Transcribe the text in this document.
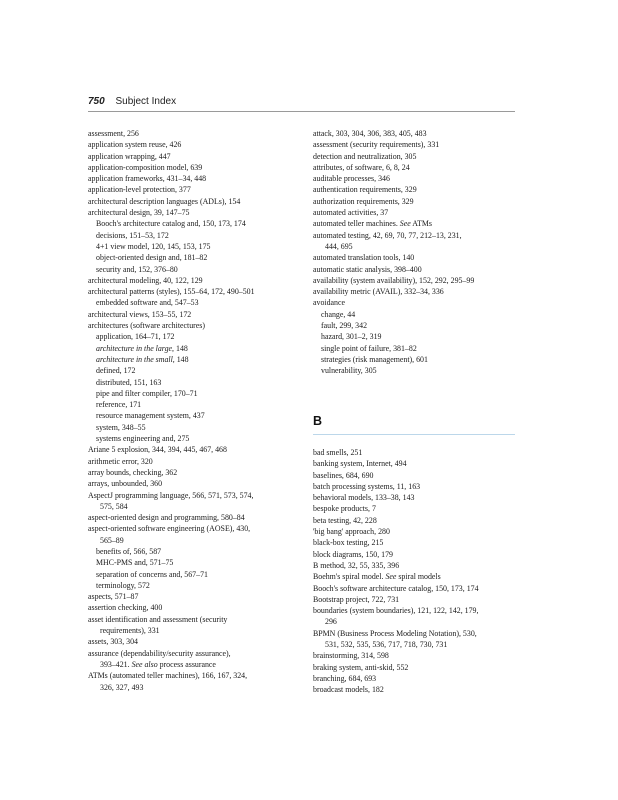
750 Subject Index
assessment, 256
application system reuse, 426
application wrapping, 447
application-composition model, 639
application frameworks, 431–34, 448
application-level protection, 377
architectural description languages (ADLs), 154
architectural design, 39, 147–75
Booch's architecture catalog and, 150, 173, 174
decisions, 151–53, 172
4+1 view model, 120, 145, 153, 175
object-oriented design and, 181–82
security and, 152, 376–80
architectural modeling, 40, 122, 129
architectural patterns (styles), 155–64, 172, 490–501
embedded software and, 547–53
architectural views, 153–55, 172
architectures (software architectures)
application, 164–71, 172
architecture in the large, 148
architecture in the small, 148
defined, 172
distributed, 151, 163
pipe and filter compiler, 170–71
reference, 171
resource management system, 437
system, 348–55
systems engineering and, 275
Ariane 5 explosion, 344, 394, 445, 467, 468
arithmetic error, 320
array bounds, checking, 362
arrays, unbounded, 360
AspectJ programming language, 566, 571, 573, 574,
575, 584
aspect-oriented design and programming, 580–84
aspect-oriented software engineering (AOSE), 430,
565–89
benefits of, 566, 587
MHC-PMS and, 571–75
separation of concerns and, 567–71
terminology, 572
aspects, 571–87
assertion checking, 400
asset identification and assessment (security
requirements), 331
assets, 303, 304
assurance (dependability/security assurance),
393–421. See also process assurance
ATMs (automated teller machines), 166, 167, 324,
326, 327, 493
attack, 303, 304, 306, 383, 405, 483
assessment (security requirements), 331
detection and neutralization, 305
attributes, of software, 6, 8, 24
auditable processes, 346
authentication requirements, 329
authorization requirements, 329
automated activities, 37
automated teller machines. See ATMs
automated testing, 42, 69, 70, 77, 212–13, 231,
444, 695
automated translation tools, 140
automatic static analysis, 398–400
availability (system availability), 152, 292, 295–99
availability metric (AVAIL), 332–34, 336
avoidance
change, 44
fault, 299, 342
hazard, 301–2, 319
single point of failure, 381–82
strategies (risk management), 601
vulnerability, 305
B
bad smells, 251
banking system, Internet, 494
baselines, 684, 690
batch processing systems, 11, 163
behavioral models, 133–38, 143
bespoke products, 7
beta testing, 42, 228
'big bang' approach, 280
black-box testing, 215
block diagrams, 150, 179
B method, 32, 55, 335, 396
Boehm's spiral model. See spiral models
Booch's software architecture catalog, 150, 173, 174
Bootstrap project, 722, 731
boundaries (system boundaries), 121, 122, 142, 179,
296
BPMN (Business Process Modeling Notation), 530,
531, 532, 535, 536, 717, 718, 730, 731
brainstorming, 314, 598
braking system, anti-skid, 552
branching, 684, 693
broadcast models, 182
